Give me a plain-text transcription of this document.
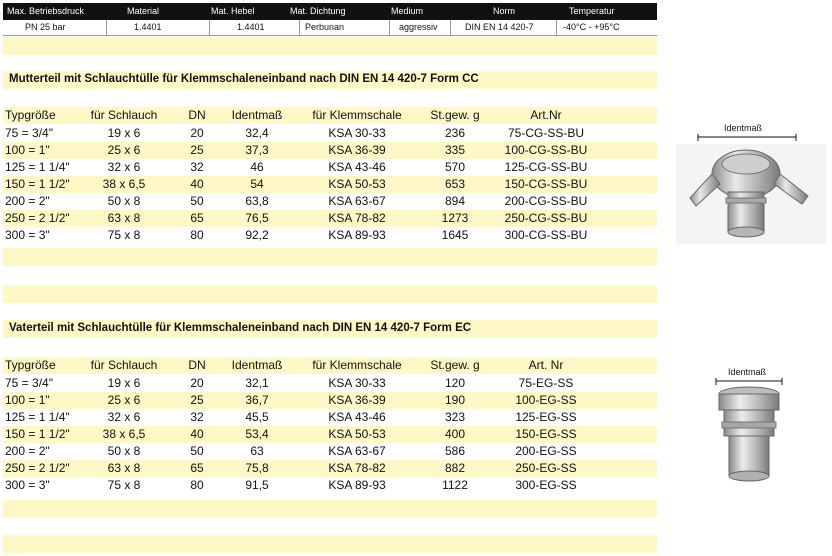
Max. Betriebsdruck	Material	Mat. Hebel	Mat. Dichtung	Medium	Norm	Temperatur
PN 25 bar	1.4401	1.4401	Perbunan	aggressiv	DIN EN 14 420-7	-40°C - +95°C
Mutterteil mit Schlauchtülle für Klemmschaleneinband nach DIN EN 14 420-7 Form CC
Typgröße	für Schlauch	DN	Identmaß	für Klemmschale	St.gew. g	Art.Nr
75 = 3/4"	19 x 6	20	32,4	KSA 30-33	236	75-CG-SS-BU
100 = 1"	25 x 6	25	37,3	KSA 36-39	335	100-CG-SS-BU
125 = 1 1/4"	32 x 6	32	46	KSA 43-46	570	125-CG-SS-BU
150 = 1 1/2"	38 x 6,5	40	54	KSA 50-53	653	150-CG-SS-BU
200 = 2"	50 x 8	50	63,8	KSA 63-67	894	200-CG-SS-BU
250 = 2 1/2"	63 x 8	65	76,5	KSA 78-82	1273	250-CG-SS-BU
300 = 3"	75 x 8	80	92,2	KSA 89-93	1645	300-CG-SS-BU
Identmaß
Vaterteil mit Schlauchtülle für Klemmschaleneinband nach DIN EN 14 420-7 Form EC
Typgröße	für Schlauch	DN	Identmaß	für Klemmschale	St.gew. g	Art. Nr
75 = 3/4"	19 x 6	20	32,1	KSA 30-33	120	75-EG-SS
100 = 1"	25 x 6	25	36,7	KSA 36-39	190	100-EG-SS
125 = 1 1/4"	32 x 6	32	45,5	KSA 43-46	323	125-EG-SS
150 = 1 1/2"	38 x 6,5	40	53,4	KSA 50-53	400	150-EG-SS
200 = 2"	50 x 8	50	63	KSA 63-67	586	200-EG-SS
250 = 2 1/2"	63 x 8	65	75,8	KSA 78-82	882	250-EG-SS
300 = 3"	75 x 8	80	91,5	KSA 89-93	1122	300-EG-SS
Identmaß
